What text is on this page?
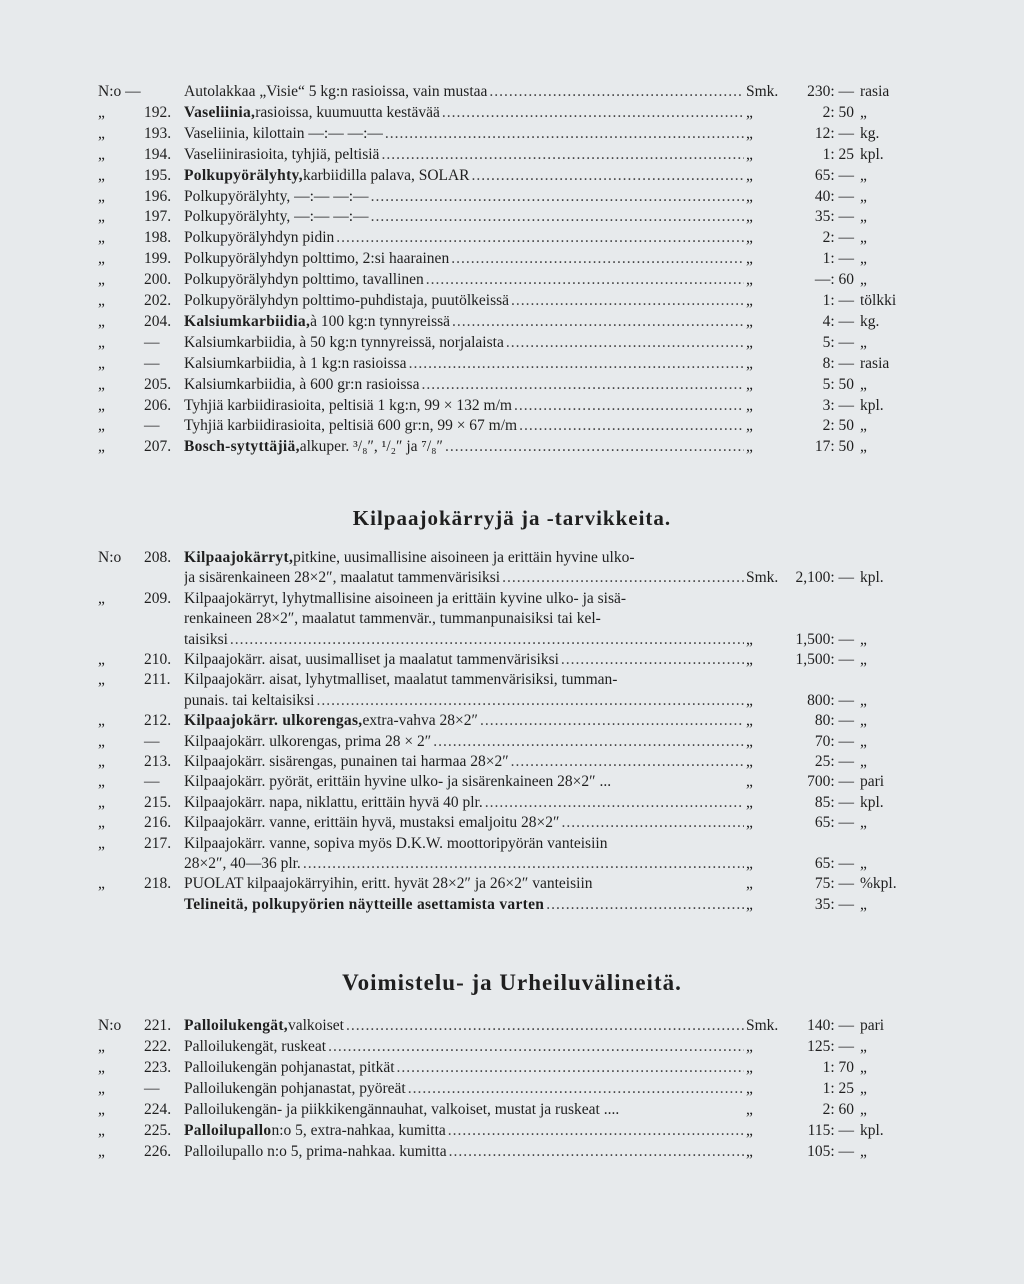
N:o —	Autolakkaa „Visie“ 5 kg:n rasioissa, vain mustaa .....	Smk.	230: — rasia
„	192. Vaseliinia, rasioissa, kuumuutta kestävää .....	„	2: 50 „
„	193. Vaseliinia, kilottain —:— —:— .....	„	12: — kg.
„	194. Vaseliinirasioita, tyhjiä, peltisiä .....	„	1: 25 kpl.
„	195. Polkupyörälyhty, karbiidilla palava, SOLAR .....	„	65: — „
„	196. Polkupyörälyhty, —:— —:— .....	„	40: — „
„	197. Polkupyörälyhty, —:— —:— .....	„	35: — „
„	198. Polkupyörälyhdyn pidin .....	„	2: — „
„	199. Polkupyörälyhdyn polttimo, 2:si haarainen .....	„	1: — „
„	200. Polkupyörälyhdyn polttimo, tavallinen .....	„	—: 60 „
„	202. Polkupyörälyhdyn polttimo-puhdistaja, puutölkeissä .....	„	1: — tölkki
„	204. Kalsiumkarbiidia, à 100 kg:n tynnyreissä .....	„	4: — kg.
„	—	Kalsiumkarbiidia, à 50 kg:n tynnyreissä, norjalaista .....	„	5: — „
„	—	Kalsiumkarbiidia, à 1 kg:n rasioissa .....	„	8: — rasia
„	205. Kalsiumkarbiidia, à 600 gr:n rasioissa .....	„	5: 50 „
„	206. Tyhjiä karbiidirasioita, peltisiä 1 kg:n, 99 × 132 m/m .....	„	3: — kpl.
„	—	Tyhjiä karbiidirasioita, peltisiä 600 gr:n, 99 × 67 m/m .....	„	2: 50 „
„	207. Bosch-sytyttäjiä, alkuper. ³/₈″, ¹/₂″ ja ⁷/₈″ .....	„	17: 50 „
Kilpaajokärryjä ja -tarvikkeita.
N:o	208. Kilpaajokärryt, pitkine, uusimallisine aisoineen ja erittäin hyvine ulko-
ja sisärenkaineen 28×2″, maalatut tammenvärisiksi .....	Smk.	2,100: — kpl.
„	209. Kilpaajokärryt, lyhytmallisine aisoineen ja erittäin kyvine ulko- ja sisä-
renkaineen 28×2″, maalatut tammenvär., tummanpunaisiksi tai kel-
taisiksi .....	„	1,500: — „
„	210. Kilpaajokärr. aisat, uusimalliset ja maalatut tammenvärisiksi .....	„	1,500: — „
„	211. Kilpaajokärr. aisat, lyhytmalliset, maalatut tammenvärisiksi, tumman-
punais. tai keltaisiksi .....	„	800: — „
„	212. Kilpaajokärr. ulkorengas, extra-vahva 28×2″ .....	„	80: — „
„	—	Kilpaajokärr. ulkorengas, prima 28 × 2″ .....	„	70: — „
„	213. Kilpaajokärr. sisärengas, punainen tai harmaa 28×2″ .....	„	25: — „
„	—	Kilpaajokärr. pyörät, erittäin hyvine ulko- ja sisärenkaineen 28×2″ ...	„	700: — pari
„	215. Kilpaajokärr. napa, niklattu, erittäin hyvä 40 plr. .....	„	85: — kpl.
„	216. Kilpaajokärr. vanne, erittäin hyvä, mustaksi emaljoitu 28×2″ .....	„	65: — „
„	217. Kilpaajokärr. vanne, sopiva myös D.K.W. moottoripyörän vanteisiin
28×2″, 40—36 plr. .....	„	65: — „
„	218. PUOLAT kilpaajokärryihin, eritt. hyvät 28×2″ ja 26×2″ vanteisiin	„	75: — %kpl.
Telineitä, polkupyörien näytteille asettamista varten .....	„	35: — „
Voimistelu- ja Urheiluvälineitä.
N:o	221. Palloilukengät, valkoiset .....	Smk.	140: — pari
„	222. Palloilukengät, ruskeat .....	„	125: — „
„	223. Palloilukengän pohjanastat, pitkät .....	„	1: 70 „
„	—	Palloilukengän pohjanastat, pyöreät .....	„	1: 25 „
„	224. Palloilukengän- ja piikkikengännauhat, valkoiset, mustat ja ruskeat ....	„	2: 60 „
„	225. Palloilupallo n:o 5, extra-nahkaa, kumitta .....	„	115: — kpl.
„	226. Palloilupallo n:o 5, prima-nahkaa. kumitta .....	„	105: — „
